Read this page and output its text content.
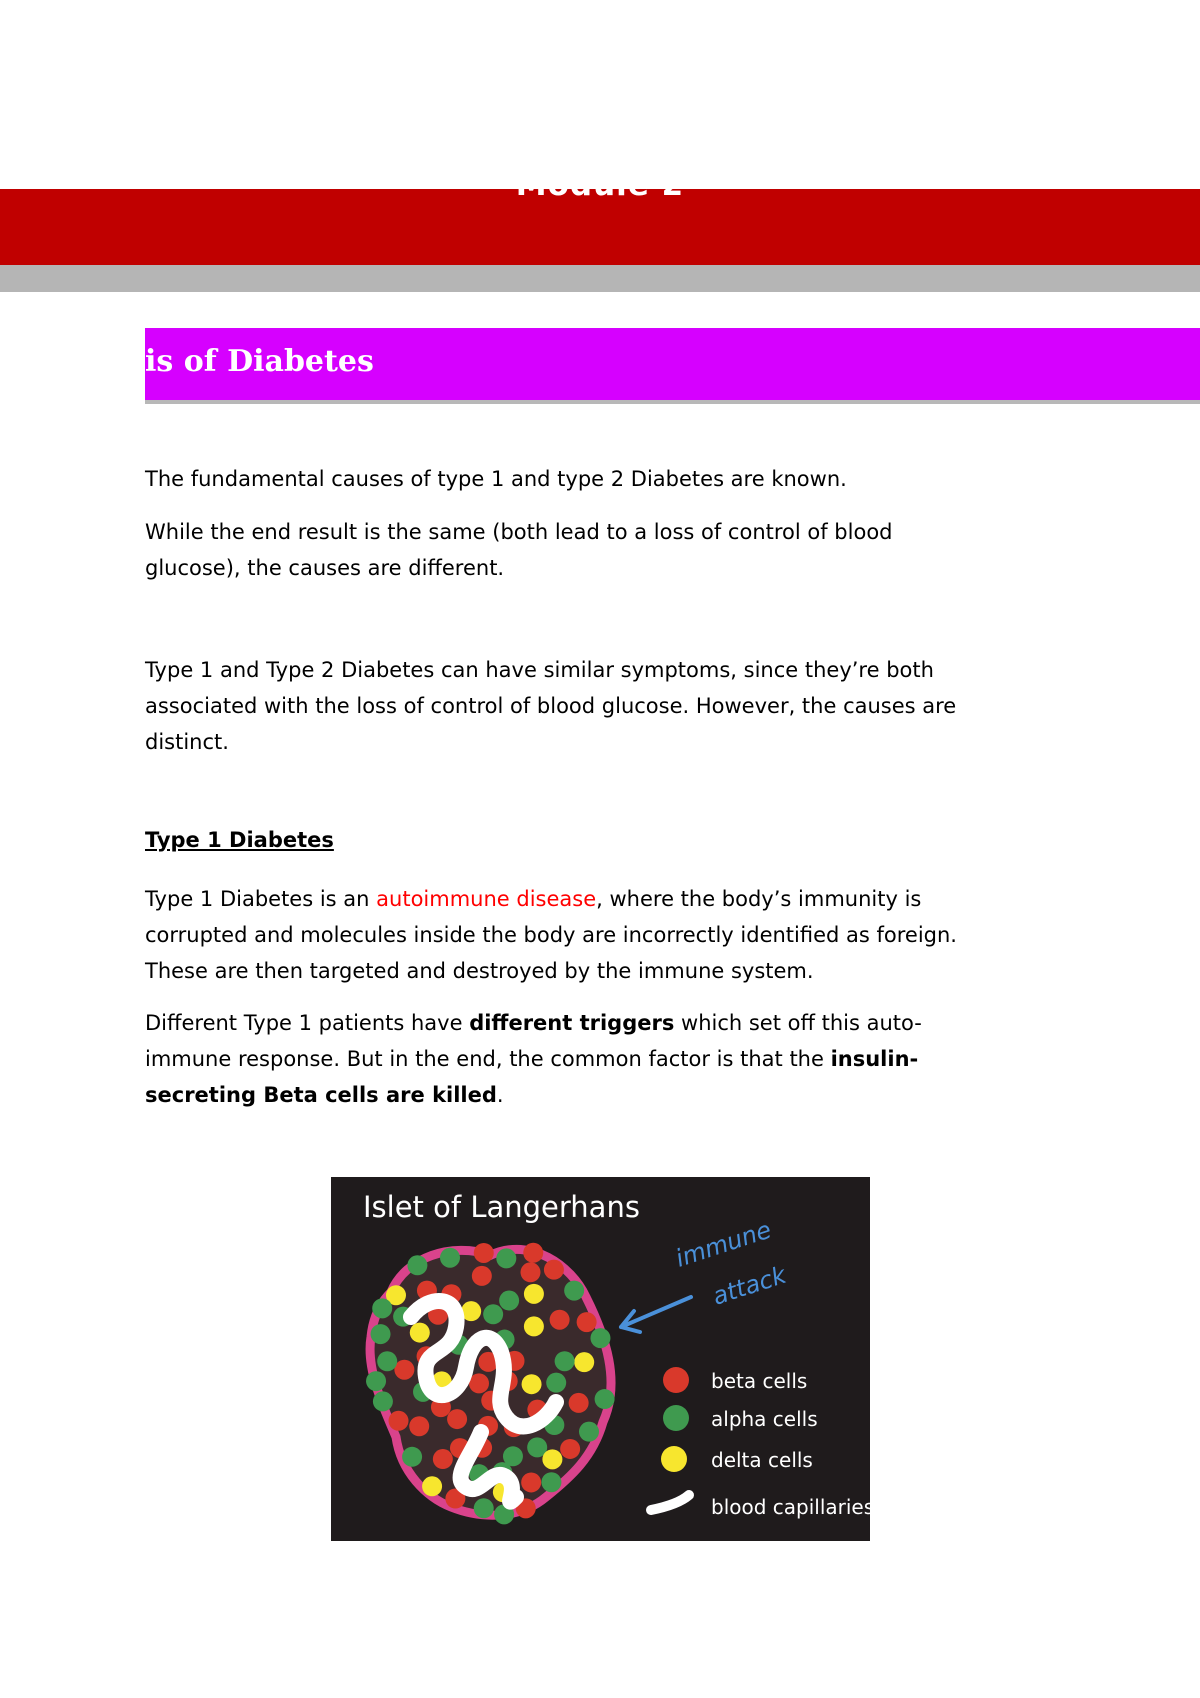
Module 2
is of Diabetes

The fundamental causes of type 1 and type 2 Diabetes are known.

While the end result is the same (both lead to a loss of control of blood
glucose), the causes are different.

Type 1 and Type 2 Diabetes can have similar symptoms, since they’re both
associated with the loss of control of blood glucose. However, the causes are
distinct.

Type 1 Diabetes

Type 1 Diabetes is an autoimmune disease, where the body’s immunity is
corrupted and molecules inside the body are incorrectly identified as foreign.
These are then targeted and destroyed by the immune system.

Different Type 1 patients have different triggers which set off this auto-
immune response. But in the end, the common factor is that the insulin-
secreting Beta cells are killed.

Islet of Langerhans
immune
attack
beta cells
alpha cells
delta cells
blood capillaries
